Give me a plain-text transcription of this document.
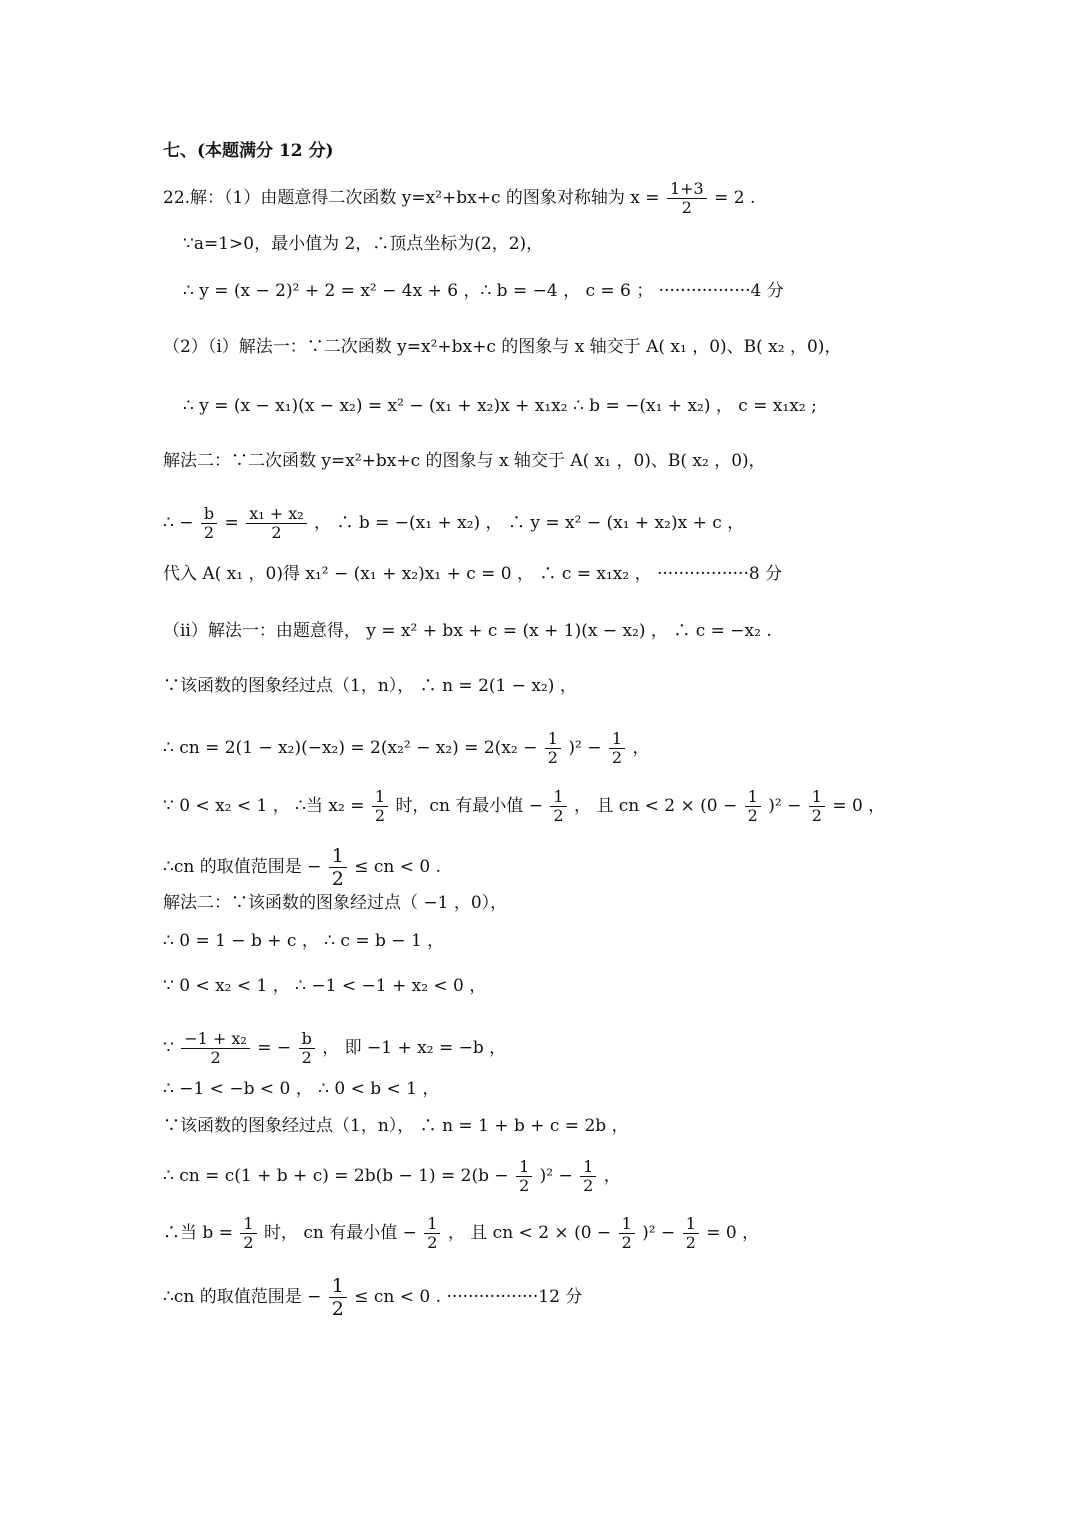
七、(本题满分 12 分)
22.解：（1）由题意得二次函数 y=x²+bx+c 的图象对称轴为 $x = \frac{1+3}{2} = 2$ .
∵a=1>0，最小值为 2，∴顶点坐标为(2，2)，
∴ y = (x − 2)² + 2 = x² − 4x + 6 ，∴ b = −4 ， c = 6 ； ·················4 分
（2）（i）解法一：∵二次函数 y=x²+bx+c 的图象与 x 轴交于 A( x₁ ，0)、B( x₂ ，0)，
∴ y = (x − x₁)(x − x₂) = x² − (x₁ + x₂)x + x₁x₂ ∴ b = −(x₁ + x₂) ， c = x₁x₂ ;
解法二：∵二次函数 y=x²+bx+c 的图象与 x 轴交于 A( x₁ ，0)、B( x₂ ，0)，
∴ − $\frac{b}{2} = \frac{\text{x₁ + x₂}}{2}$ ， ∴ b = −(x₁ + x₂) ， ∴ y = x² − (x₁ + x₂)x + c ，
代入 A( x₁ ，0)得 x₁² − (x₁ + x₂)x₁ + c = 0 ， ∴ c = x₁x₂ ， ·················8 分
（ii）解法一：由题意得， y = x² + bx + c = (x + 1)(x − x₂) ， ∴ c = −x₂ .
∵该函数的图象经过点（1，n）， ∴ n = 2(1 − x₂) ，
∴ cn = $2(1 - x_2)(-x_2) = 2(x_2^2 - x_2) = 2(x_2 - \frac{1}{2} )^2 - \frac{1}{2}$ ，
∵ 0 < x₂ < 1 ， ∴当 $x_2 = \frac{1}{2}$ 时，cn 有最小值 − $\frac{1}{2}$ ， 且 cn < $2 \times (0 - \frac{1}{2} )^2 - \frac{1}{2} = 0$ ，
∴cn 的取值范围是 − $\frac{1}{2}$ ≤ cn < 0 .
解法二：∵该函数的图象经过点（ −1 ，0），
∴ 0 = 1 − b + c ， ∴ c = b − 1 ，
∵ 0 < x₂ < 1 ， ∴ −1 < −1 + x₂ < 0 ，
∵ $\frac{\text{−1 + x₂}}{2}$ = − $\frac{b}{2}$ ， 即 −1 + x₂ = −b ，
∴ −1 < −b < 0 ， ∴ 0 < b < 1 ，
∵该函数的图象经过点（1，n）， ∴ n = 1 + b + c = 2b ，
∴ cn = $c(1 + b + c) = 2b(b - 1) = 2(b - \frac{1}{2} )^2 - \frac{1}{2}$ ，
∴当 $b = \frac{1}{2}$ 时， cn 有最小值 − $\frac{1}{2}$ ， 且 cn < $2 \times (0 - \frac{1}{2} )^2 - \frac{1}{2} = 0$ ，
∴cn 的取值范围是 − $\frac{1}{2}$ ≤ cn < 0 . ·················12 分
